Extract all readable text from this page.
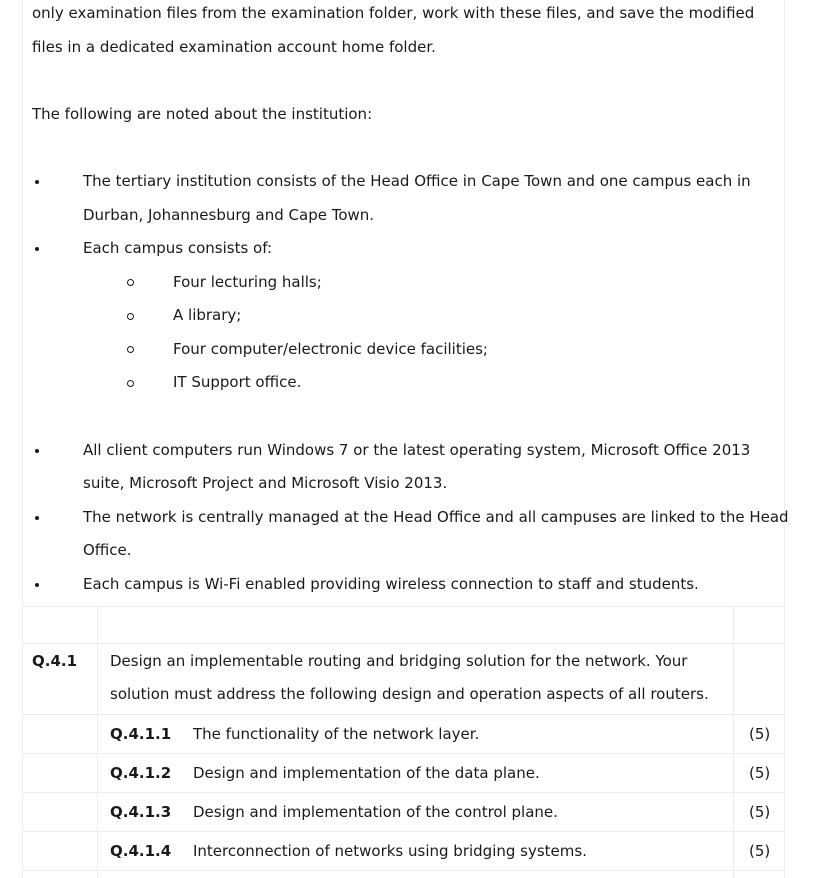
only examination files from the examination folder, work with these files, and save the modified
files in a dedicated examination account home folder.
The following are noted about the institution:
The tertiary institution consists of the Head Office in Cape Town and one campus each in
Durban, Johannesburg and Cape Town.
Each campus consists of:
Four lecturing halls;
A library;
Four computer/electronic device facilities;
IT Support office.
All client computers run Windows 7 or the latest operating system, Microsoft Office 2013
suite, Microsoft Project and Microsoft Visio 2013.
The network is centrally managed at the Head Office and all campuses are linked to the Head
Office.
Each campus is Wi-Fi enabled providing wireless connection to staff and students.
Q.4.1 Design an implementable routing and bridging solution for the network. Your
solution must address the following design and operation aspects of all routers.
Q.4.1.1 The functionality of the network layer.	(5)
Q.4.1.2 Design and implementation of the data plane.	(5)
Q.4.1.3 Design and implementation of the control plane.	(5)
Q.4.1.4 Interconnection of networks using bridging systems.	(5)
